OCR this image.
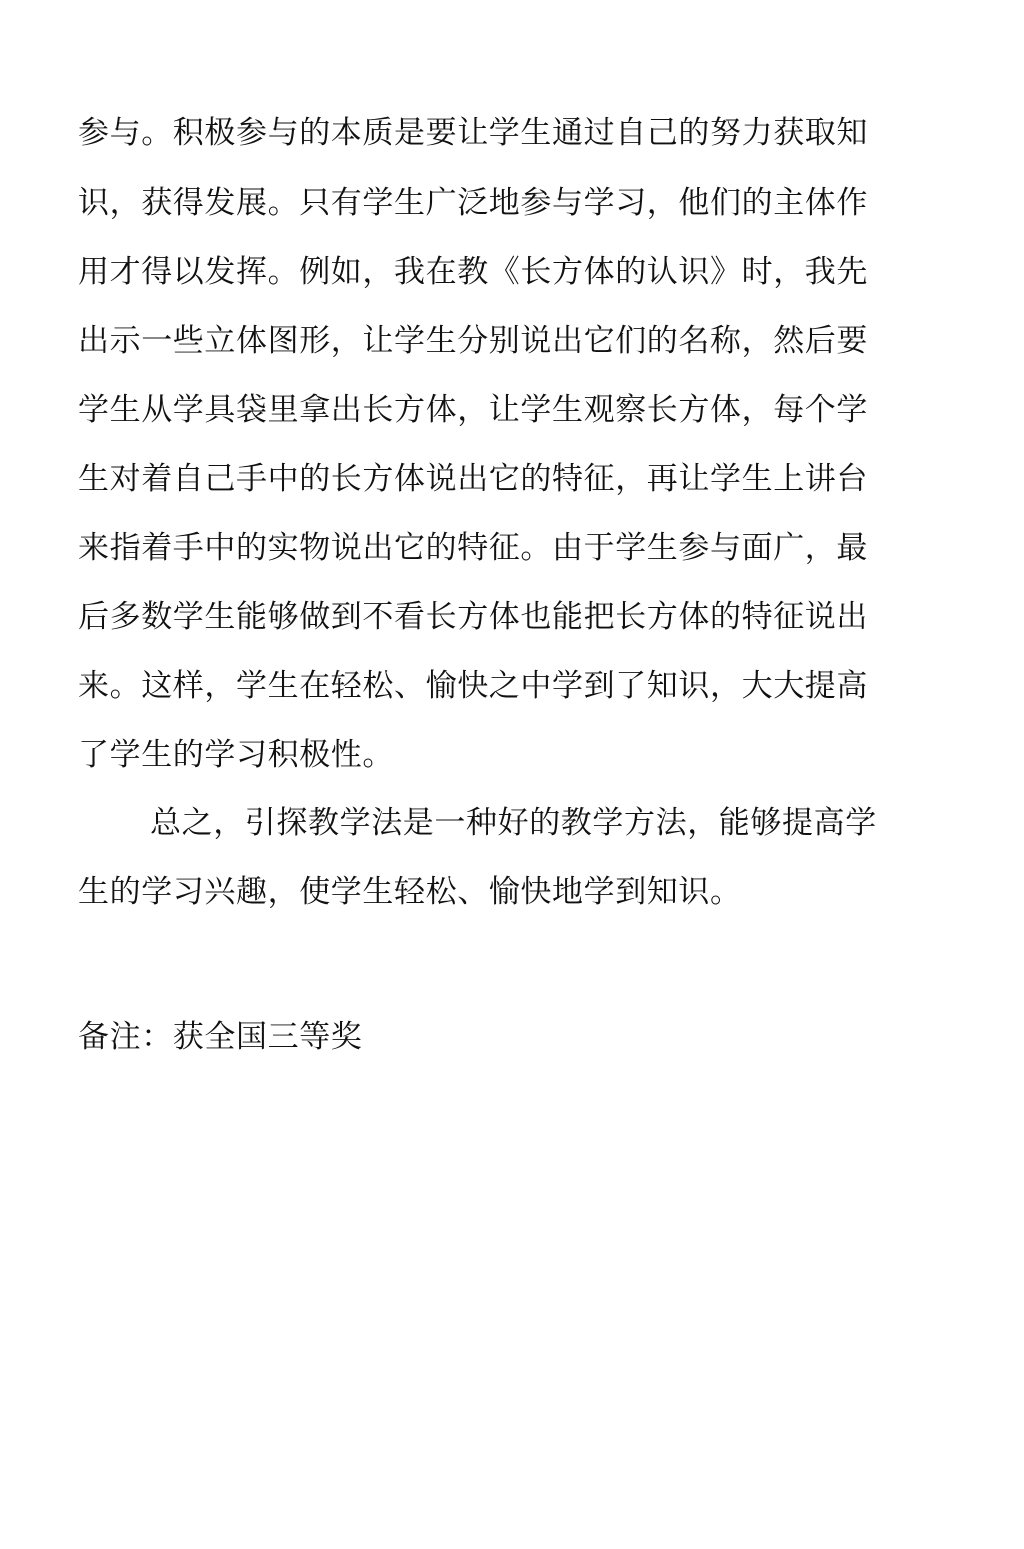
参与。积极参与的本质是要让学生通过自己的努力获取知
识，获得发展。只有学生广泛地参与学习，他们的主体作
用才得以发挥。例如，我在教《长方体的认识》时，我先
出示一些立体图形，让学生分别说出它们的名称，然后要
学生从学具袋里拿出长方体，让学生观察长方体，每个学
生对着自己手中的长方体说出它的特征，再让学生上讲台
来指着手中的实物说出它的特征。由于学生参与面广，最
后多数学生能够做到不看长方体也能把长方体的特征说出
来。这样，学生在轻松、愉快之中学到了知识，大大提高
了学生的学习积极性。
总之，引探教学法是一种好的教学方法，能够提高学
生的学习兴趣，使学生轻松、愉快地学到知识。
备注：获全国三等奖
